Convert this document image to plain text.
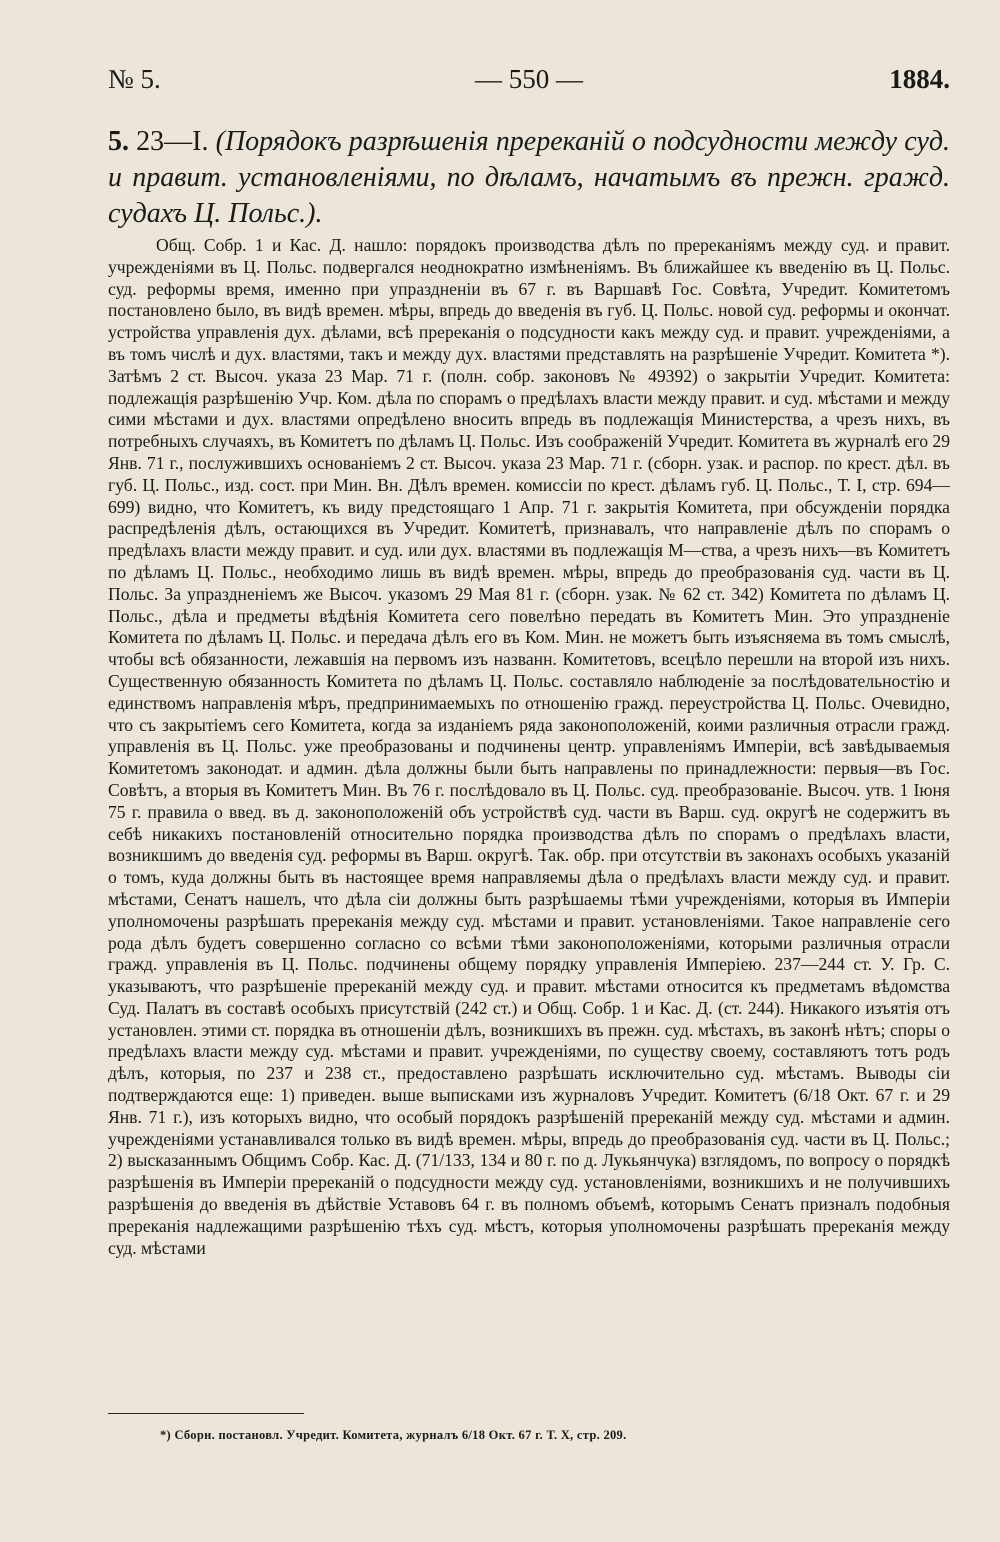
№ 5.	— 550 —	1884.
5. 23—I. (Порядокъ разрѣшенія пререканій о подсудности между суд. и правит. установленіями, по дѣламъ, начатымъ въ прежн. гражд. судахъ Ц. Польс.).

Общ. Собр. 1 и Кас. Д. нашло: порядокъ производства дѣлъ по пререканіямъ между суд. и правит. учрежденіями въ Ц. Польс. подвергался неоднократно измѣненіямъ. Въ ближайшее къ введенію въ Ц. Польс. суд. реформы время, именно при упраздненіи въ 67 г. въ Варшавѣ Гос. Совѣта, Учредит. Комитетомъ постановлено было, въ видѣ времен. мѣры, впредь до введенія въ губ. Ц. Польс. новой суд. реформы и окончат. устройства управленія дух. дѣлами, всѣ пререканія о подсудности какъ между суд. и правит. учрежденіями, а въ томъ числѣ и дух. властями, такъ и между дух. властями представлять на разрѣшеніе Учредит. Комитета *). Затѣмъ 2 ст. Высоч. указа 23 Мар. 71 г. (полн. собр. законовъ № 49392) о закрытіи Учредит. Комитета: подлежащія разрѣшенію Учр. Ком. дѣла по спорамъ о предѣлахъ власти между правит. и суд. мѣстами и между сими мѣстами и дух. властями опредѣлено вносить впредь въ подлежащія Министерства, а чрезъ нихъ, въ потребныхъ случаяхъ, въ Комитетъ по дѣламъ Ц. Польс. Изъ соображеній Учредит. Комитета въ журналѣ его 29 Янв. 71 г., послужившихъ основаніемъ 2 ст. Высоч. указа 23 Мар. 71 г. (сборн. узак. и распор. по крест. дѣл. въ губ. Ц. Польс., изд. сост. при Мин. Вн. Дѣлъ времен. комиссіи по крест. дѣламъ губ. Ц. Польс., Т. I, стр. 694—699) видно, что Комитетъ, къ виду предстоящаго 1 Апр. 71 г. закрытія Комитета, при обсужденіи порядка распредѣленія дѣлъ, остающихся въ Учредит. Комитетѣ, признавалъ, что направленіе дѣлъ по спорамъ о предѣлахъ власти между правит. и суд. или дух. властями въ подлежащія М—ства, а чрезъ нихъ—въ Комитетъ по дѣламъ Ц. Польс., необходимо лишь въ видѣ времен. мѣры, впредь до преобразованія суд. части въ Ц. Польс. За упраздненіемъ же Высоч. указомъ 29 Мая 81 г. (сборн. узак. № 62 ст. 342) Комитета по дѣламъ Ц. Польс., дѣла и предметы вѣдѣнія Комитета сего повелѣно передать въ Комитетъ Мин. Это упраздненіе Комитета по дѣламъ Ц. Польс. и передача дѣлъ его въ Ком. Мин. не можетъ быть изъясняема въ томъ смыслѣ, чтобы всѣ обязанности, лежавшія на первомъ изъ названн. Комитетовъ, всецѣло перешли на второй изъ нихъ. Существенную обязанность Комитета по дѣламъ Ц. Польс. составляло наблюденіе за послѣдовательностію и единствомъ направленія мѣръ, предпринимаемыхъ по отношенію гражд. переустройства Ц. Польс. Очевидно, что съ закрытіемъ сего Комитета, когда за изданіемъ ряда законоположеній, коими различныя отрасли гражд. управленія въ Ц. Польс. уже преобразованы и подчинены центр. управленіямъ Имперіи, всѣ завѣдываемыя Комитетомъ законодат. и админ. дѣла должны были быть направлены по принадлежности: первыя—въ Гос. Совѣтъ, а вторыя въ Комитетъ Мин. Въ 76 г. послѣдовало въ Ц. Польс. суд. преобразованіе. Высоч. утв. 1 Іюня 75 г. правила о введ. въ д. законоположеній объ устройствѣ суд. части въ Варш. суд. округѣ не содержитъ въ себѣ никакихъ постановленій относительно порядка производства дѣлъ по спорамъ о предѣлахъ власти, возникшимъ до введенія суд. реформы въ Варш. округѣ. Так. обр. при отсутствіи въ законахъ особыхъ указаній о томъ, куда должны быть въ настоящее время направляемы дѣла о предѣлахъ власти между суд. и правит. мѣстами, Сенатъ нашелъ, что дѣла сіи должны быть разрѣшаемы тѣми учрежденіями, которыя въ Имперіи уполномочены разрѣшать пререканія между суд. мѣстами и правит. установленіями. Такое направленіе сего рода дѣлъ будетъ совершенно согласно со всѣми тѣми законоположеніями, которыми различныя отрасли гражд. управленія въ Ц. Польс. подчинены общему порядку управленія Имперіею. 237—244 ст. У. Гр. С. указываютъ, что разрѣшеніе пререканій между суд. и правит. мѣстами относится къ предметамъ вѣдомства Суд. Палатъ въ составѣ особыхъ присутствій (242 ст.) и Общ. Собр. 1 и Кас. Д. (ст. 244). Никакого изъятія отъ установлен. этими ст. порядка въ отношеніи дѣлъ, возникшихъ въ прежн. суд. мѣстахъ, въ законѣ нѣтъ; споры о предѣлахъ власти между суд. мѣстами и правит. учрежденіями, по существу своему, составляютъ тотъ родъ дѣлъ, которыя, по 237 и 238 ст., предоставлено разрѣшать исключительно суд. мѣстамъ. Выводы сіи подтверждаются еще: 1) приведен. выше выписками изъ журналовъ Учредит. Комитетъ (6/18 Окт. 67 г. и 29 Янв. 71 г.), изъ которыхъ видно, что особый порядокъ разрѣшеній пререканій между суд. мѣстами и админ. учрежденіями устанавливался только въ видѣ времен. мѣры, впредь до преобразованія суд. части въ Ц. Польс.; 2) высказаннымъ Общимъ Собр. Кас. Д. (71/133, 134 и 80 г. по д. Лукьянчука) взглядомъ, по вопросу о порядкѣ разрѣшенія въ Имперіи пререканій о подсудности между суд. установленіями, возникшихъ и не получившихъ разрѣшенія до введенія въ дѣйствіе Уставовъ 64 г. въ полномъ объемѣ, которымъ Сенатъ призналъ подобныя пререканія надлежащими разрѣшенію тѣхъ суд. мѣстъ, которыя уполномочены разрѣшать пререканія между суд. мѣстами

*) Сборн. постановл. Учредит. Комитета, журналъ 6/18 Окт. 67 г. Т. X, стр. 209.
